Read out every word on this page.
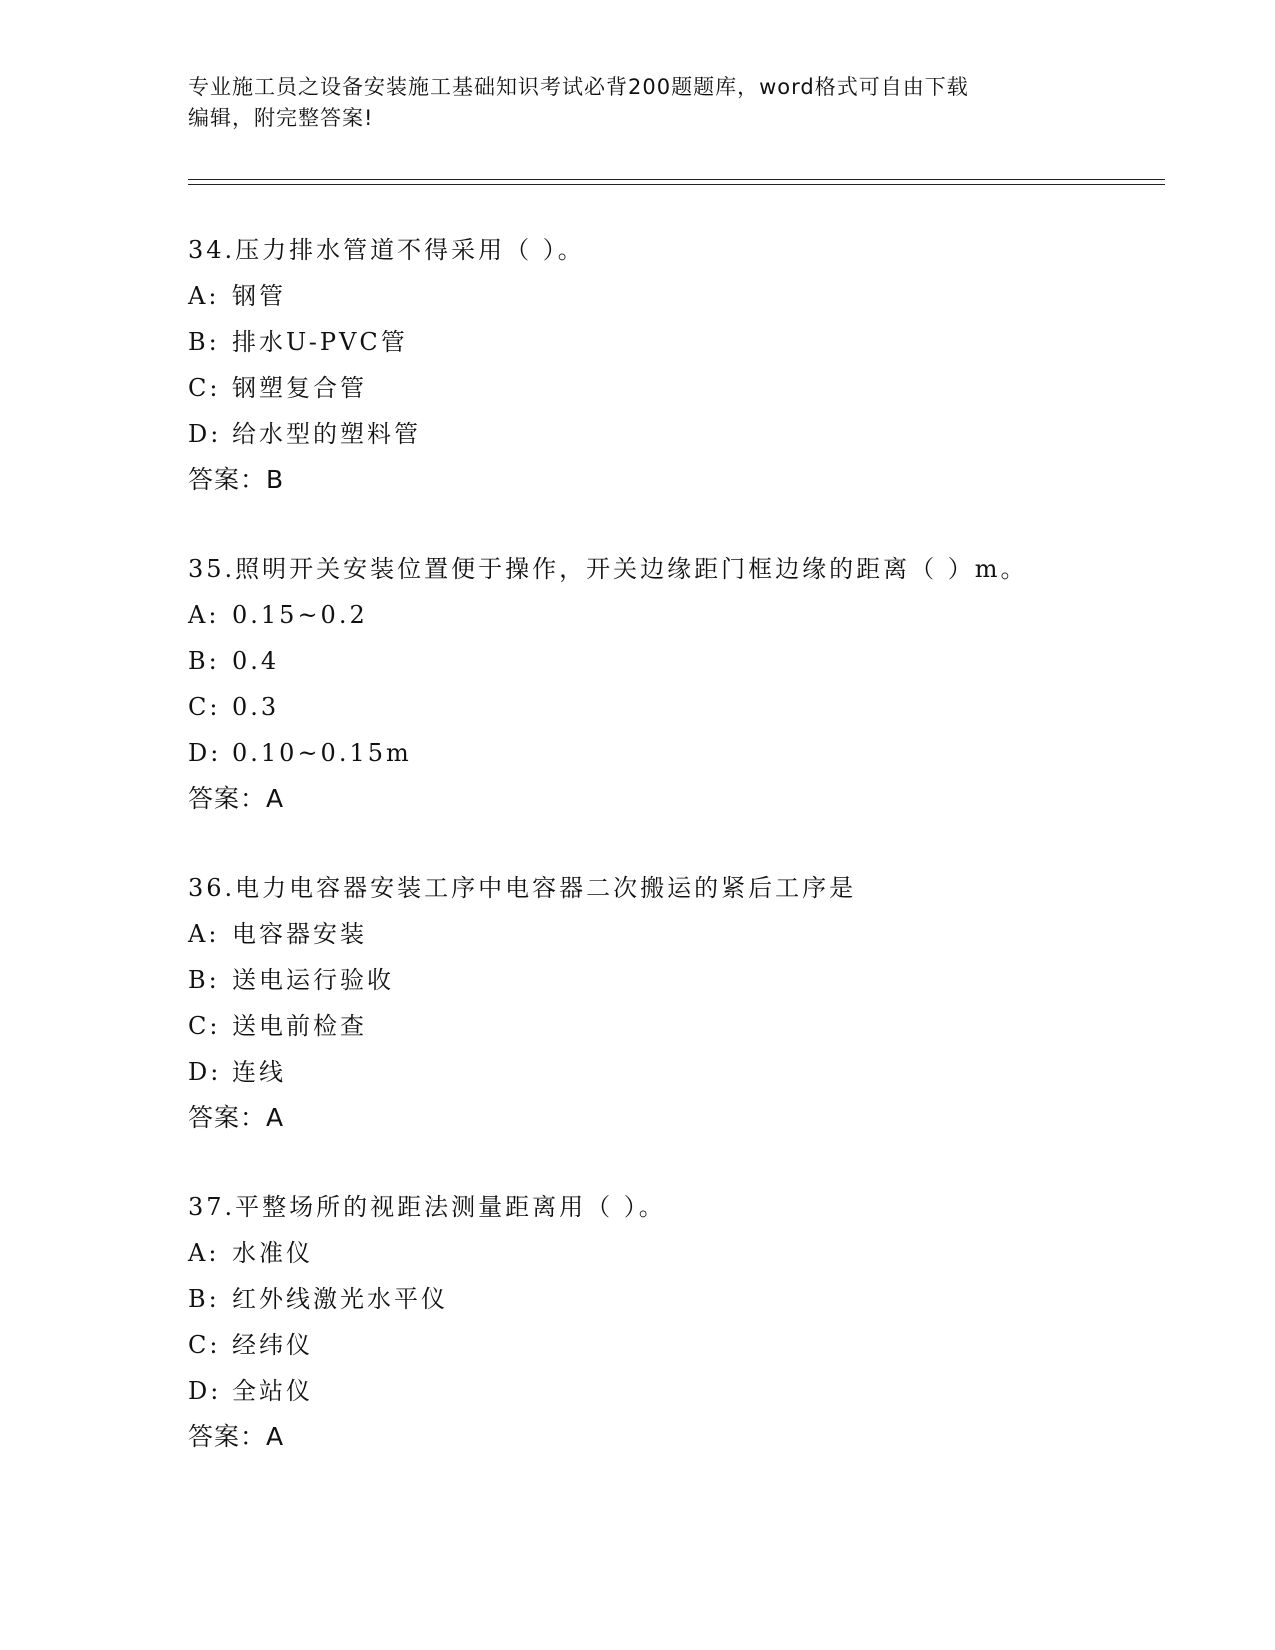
专业施工员之设备安装施工基础知识考试必背200题题库，word格式可自由下载
编辑，附完整答案!
34.压力排水管道不得采用（ ）。
A: 钢管
B: 排水U-PVC管
C: 钢塑复合管
D: 给水型的塑料管
答案：B
35.照明开关安装位置便于操作，开关边缘距门框边缘的距离（ ）m。
A: 0.15~0.2
B: 0.4
C: 0.3
D: 0.10~0.15m
答案：A
36.电力电容器安装工序中电容器二次搬运的紧后工序是
A: 电容器安装
B: 送电运行验收
C: 送电前检查
D: 连线
答案：A
37.平整场所的视距法测量距离用（ ）。
A: 水准仪
B: 红外线激光水平仪
C: 经纬仪
D: 全站仪
答案：A
